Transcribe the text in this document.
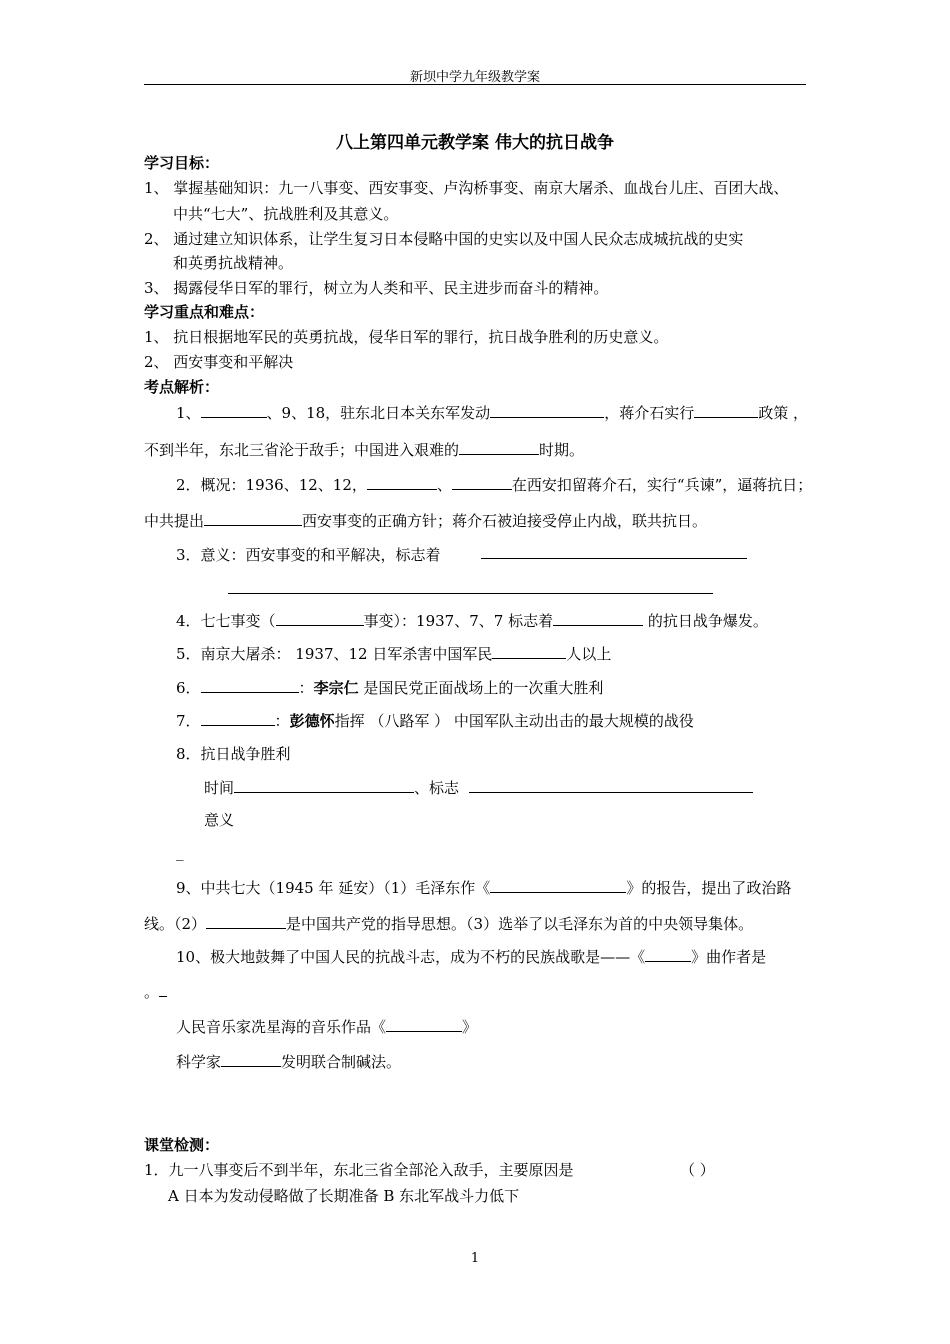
新坝中学九年级教学案
八上第四单元教学案 伟大的抗日战争
学习目标：
1、 掌握基础知识：九一八事变、西安事变、卢沟桥事变、南京大屠杀、血战台儿庄、百团大战、
中共“七大”、抗战胜利及其意义。
2、 通过建立知识体系，让学生复习日本侵略中国的史实以及中国人民众志成城抗战的史实
和英勇抗战精神。
3、 揭露侵华日军的罪行，树立为人类和平、民主进步而奋斗的精神。
学习重点和难点：
1、 抗日根据地军民的英勇抗战，侵华日军的罪行，抗日战争胜利的历史意义。
2、 西安事变和平解决
考点解析：
1、	、9、18，驻东北日本关东军发动	，蒋介石实行	政策 ，
不到半年，东北三省沦于敌手；中国进入艰难的	时期。
2．概况：1936、12、12，	、	在西安扣留蒋介石，实行“兵谏”，逼蒋抗日；
中共提出	西安事变的正确方针；蒋介石被迫接受停止内战，联共抗日。
3．意义：西安事变的和平解决，标志着
4．七七事变（	事变）：1937、7、7 标志着	的抗日战争爆发。
5．南京大屠杀： 1937、12 日军杀害中国军民	人以上
6．	：李宗仁 是国民党正面战场上的一次重大胜利
7．	：彭德怀指挥 （八路军 ） 中国军队主动出击的最大规模的战役
8．抗日战争胜利
时间	、标志
意义
_
9、中共七大（1945 年 延安）（1）毛泽东作《	》的报告，提出了政治路
线。（2）	是中国共产党的指导思想。（3）选举了以毛泽东为首的中央领导集体。
10、极大地鼓舞了中国人民的抗战斗志，成为不朽的民族战歌是——《	》曲作者是
。
人民音乐家冼星海的音乐作品《	》
科学家	发明联合制碱法。
课堂检测：
1．九一八事变后不到半年，东北三省全部沦入敌手，主要原因是	（ ）
A 日本为发动侵略做了长期准备 B 东北军战斗力低下
1
